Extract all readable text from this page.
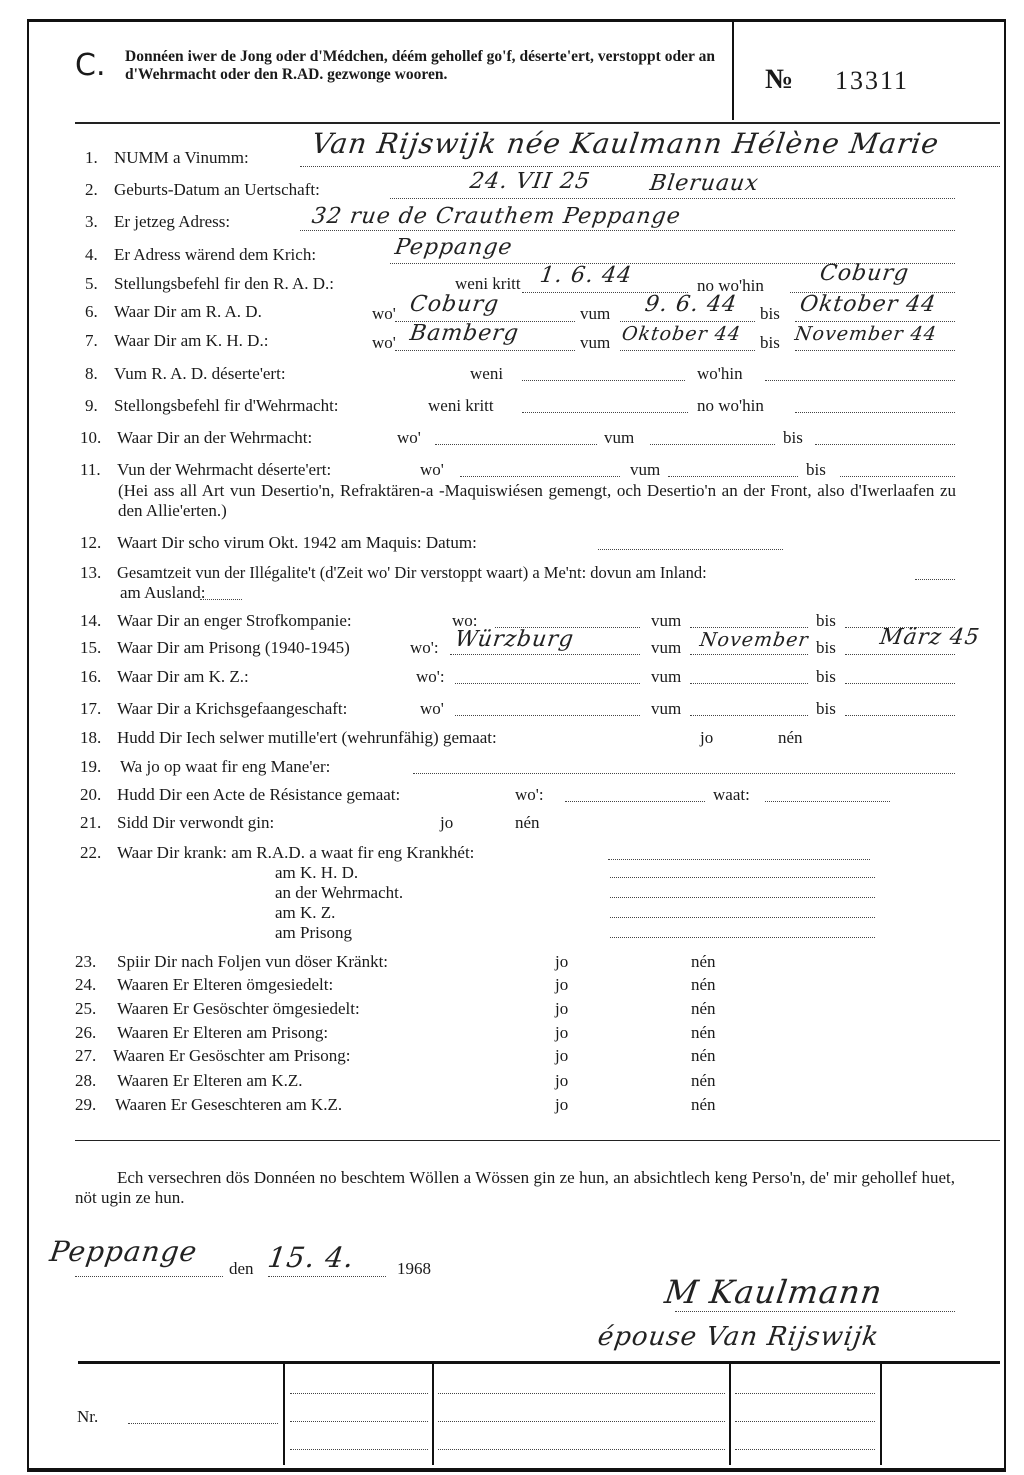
C. Donnéen iwer de Jong oder d'Médchen, déém gehollef go'f, déserte'ert, verstoppt oder an d'Wehrmacht oder den R.AD. gezwonge wooren.	№ 13311
1. NUMM a Vinumm: Van Rijswijk née Kaulmann Hélène Marie
2. Geburts-Datum an Uertschaft:	24. VII 25	Bleruaux
3. Er jetzeg Adress:	32 rue de Crauthem Peppange
4. Er Adress wärend dem Krich:	Peppange
5. Stellungsbefehl fir den R. A. D.:	weni kritt 1. 6. 44	no wo'hin Coburg
6. Waar Dir am R. A. D.	wo' Coburg	vum 9. 6. 44 bis Oktober 44
7. Waar Dir am K. H. D.:	wo' Bamberg	vum Oktober 44 bis November 44
8. Vum R. A. D. déserte'ert:	weni	wo'hin
9. Stellongsbefehl fir d'Wehrmacht:	weni kritt	no wo'hin
10. Waar Dir an der Wehrmacht:	wo'	vum	bis
11. Vun der Wehrmacht déserte'ert:	wo'	vum	bis
(Hei ass all Art vun Desertio'n, Refraktären-a -Maquiswiésen gemengt, och Desertio'n an der Front, also d'Iwerlaafen zu den Allie'erten.)
12. Waart Dir scho virum Okt. 1942 am Maquis: Datum:
13. Gesamtzeit vun der Illégalite't (d'Zeit wo' Dir verstoppt waart) a Me'nt: dovun am Inland:
am Ausland:
14. Waar Dir an enger Strofkompanie:	wo:	vum	bis
15. Waar Dir am Prisong (1940-1945)	wo': Würzburg	vum November bis März 45
16. Waar Dir am K. Z.:	wo':	vum	bis
17. Waar Dir a Krichsgefaangeschaft:	wo'	vum	bis
18. Hudd Dir Iech selwer mutille'ert (wehrunfähig) gemaat:	jo	nén
19. Wa jo op waat fir eng Mane'er:
20. Hudd Dir een Acte de Résistance gemaat:	wo':	waat:
21. Sidd Dir verwondt gin:	jo	nén
22. Waar Dir krank: am R.A.D. a waat fir eng Krankhét:
am K. H. D.
an der Wehrmacht.
am K. Z.
am Prisong
23. Spiir Dir nach Foljen vun döser Kränkt:	jo	nén
24. Waaren Er Elteren ömgesiedelt:	jo	nén
25. Waaren Er Gesöschter ömgesiedelt:	jo	nén
26. Waaren Er Elteren am Prisong:	jo	nén
27. Waaren Er Gesöschter am Prisong:	jo	nén
28. Waaren Er Elteren am K.Z.	jo	nén
29. Waaren Er Geseschteren am K.Z.	jo	nén
Ech versechren dös Donnéen no beschtem Wöllen a Wössen gin ze hun, an absichtlech keng Perso'n, de' mir gehollef huet, nöt ugin ze hun.
Peppange
den 15. 4. 1968
M Kaulmann
épouse Van Rijswijk
Nr.
